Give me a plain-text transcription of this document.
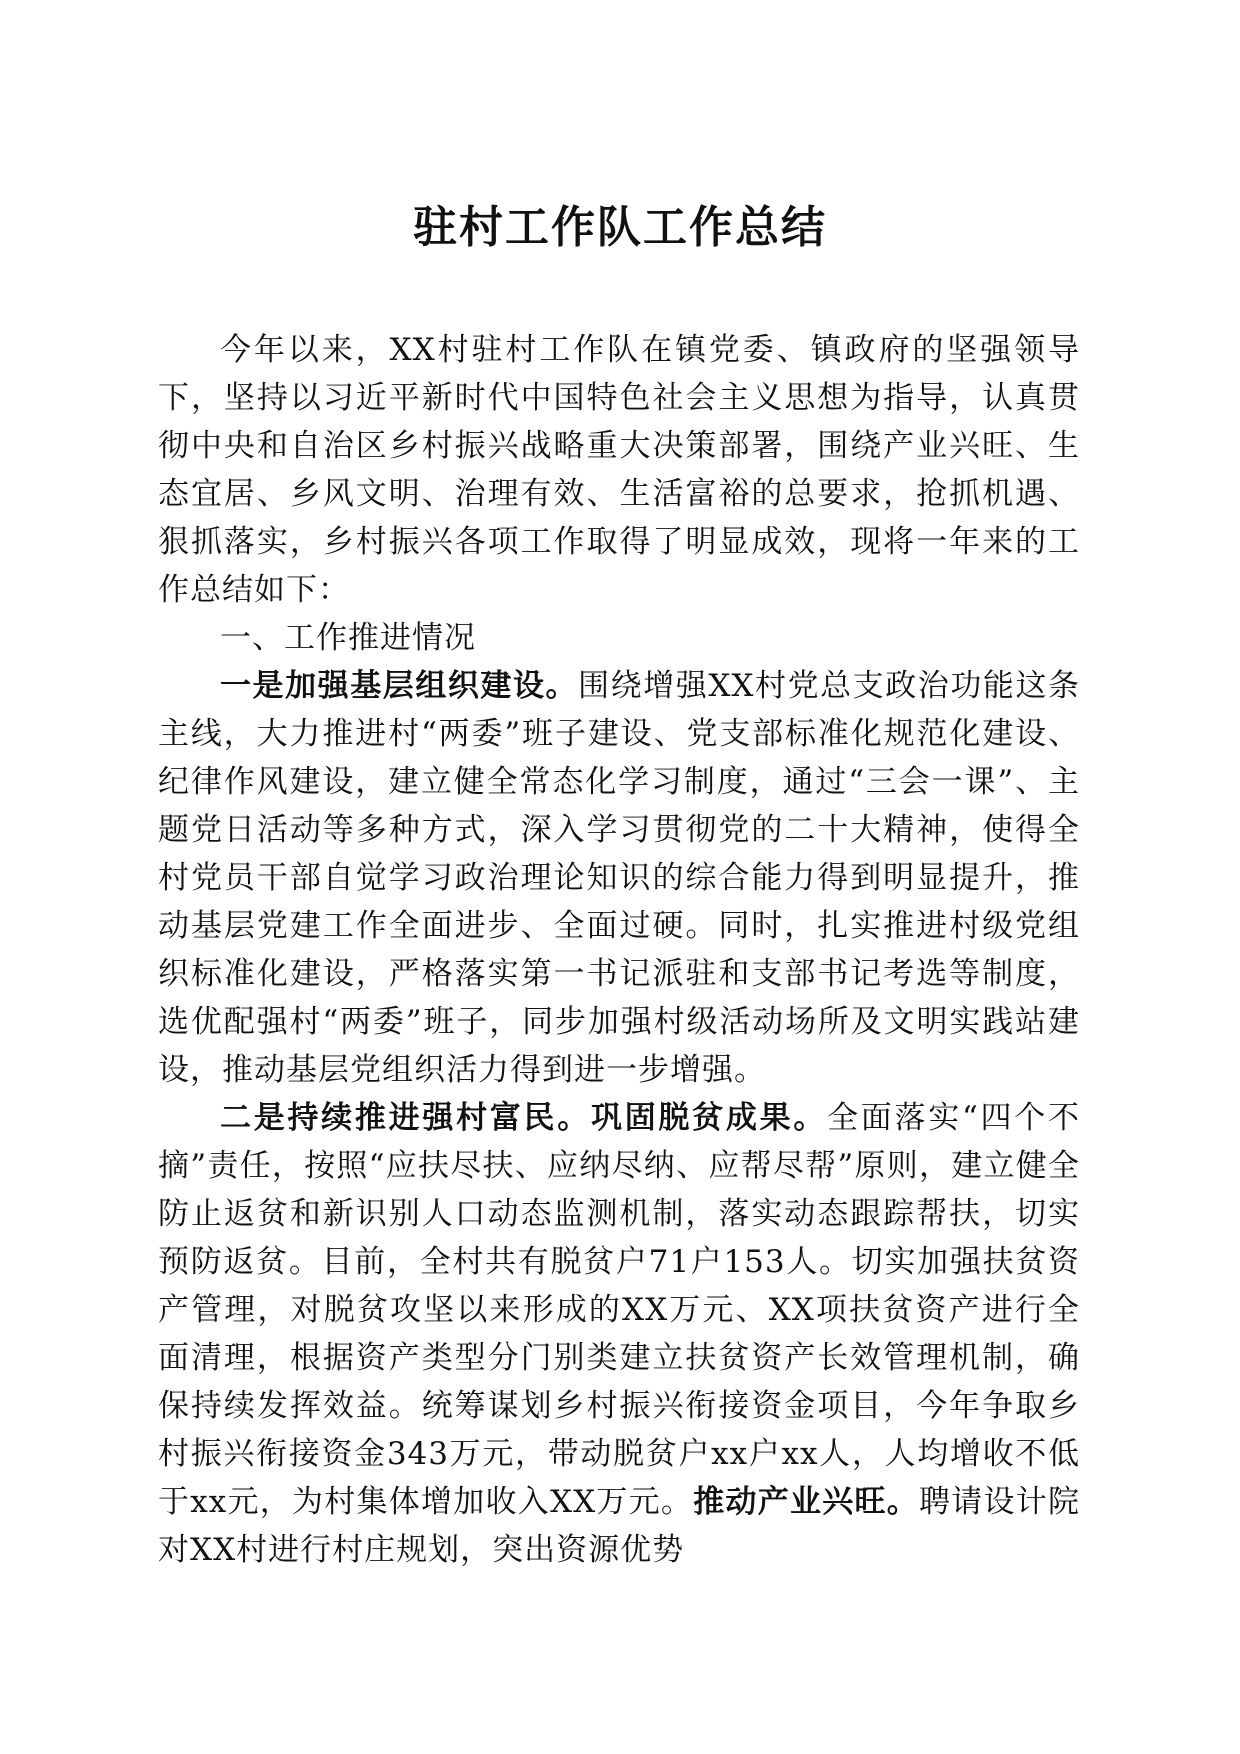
驻村工作队工作总结

今年以来，XX村驻村工作队在镇党委、镇政府的坚强领导下，坚持以习近平新时代中国特色社会主义思想为指导，认真贯彻中央和自治区乡村振兴战略重大决策部署，围绕产业兴旺、生态宜居、乡风文明、治理有效、生活富裕的总要求，抢抓机遇、狠抓落实，乡村振兴各项工作取得了明显成效，现将一年来的工作总结如下：

一、工作推进情况

一是加强基层组织建设。围绕增强XX村党总支政治功能这条主线，大力推进村“两委”班子建设、党支部标准化规范化建设、纪律作风建设，建立健全常态化学习制度，通过“三会一课”、主题党日活动等多种方式，深入学习贯彻党的二十大精神，使得全村党员干部自觉学习政治理论知识的综合能力得到明显提升，推动基层党建工作全面进步、全面过硬。同时，扎实推进村级党组织标准化建设，严格落实第一书记派驻和支部书记考选等制度，选优配强村“两委”班子，同步加强村级活动场所及文明实践站建设，推动基层党组织活力得到进一步增强。

二是持续推进强村富民。巩固脱贫成果。全面落实“四个不摘”责任，按照“应扶尽扶、应纳尽纳、应帮尽帮”原则，建立健全防止返贫和新识别人口动态监测机制，落实动态跟踪帮扶，切实预防返贫。目前，全村共有脱贫户71户153人。切实加强扶贫资产管理，对脱贫攻坚以来形成的XX万元、XX项扶贫资产进行全面清理，根据资产类型分门别类建立扶贫资产长效管理机制，确保持续发挥效益。统筹谋划乡村振兴衔接资金项目，今年争取乡村振兴衔接资金343万元，带动脱贫户xx户xx人，人均增收不低于xx元，为村集体增加收入XX万元。推动产业兴旺。聘请设计院对XX村进行村庄规划，突出资源优势
